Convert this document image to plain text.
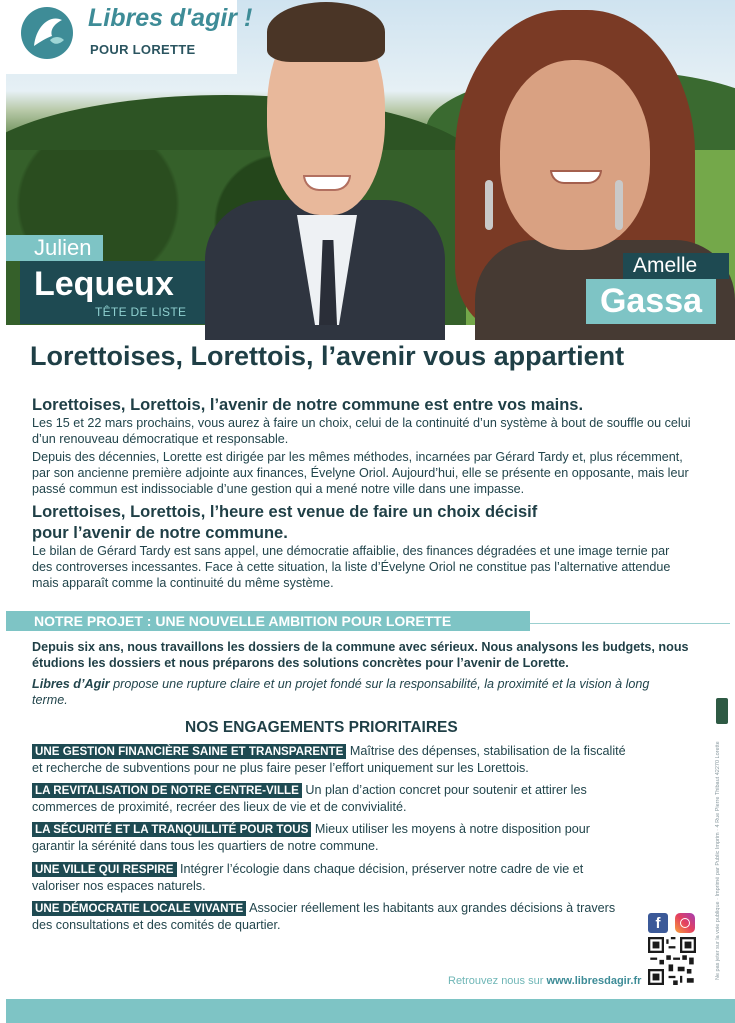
Libres d'agir !
POUR LORETTE
Julien
Lequeux
TÊTE DE LISTE
Amelle
Gassa
Lorettoises, Lorettois, l’avenir vous appartient
Lorettoises, Lorettois, l’avenir de notre commune est entre vos mains.

Les 15 et 22 mars prochains, vous aurez à faire un choix, celui de la continuité d’un système à bout de souffle ou celui d’un renouveau démocratique et responsable.

Depuis des décennies, Lorette est dirigée par les mêmes méthodes, incarnées par Gérard Tardy et, plus récemment, par son ancienne première adjointe aux finances, Évelyne Oriol. Aujourd’hui, elle se présente en opposante, mais leur passé commun est indissociable d’une gestion qui a mené notre ville dans une impasse.

Lorettoises, Lorettois, l’heure est venue de faire un choix décisif pour l’avenir de notre commune.

Le bilan de Gérard Tardy est sans appel, une démocratie affaiblie, des finances dégradées et une image ternie par des controverses incessantes. Face à cette situation, la liste d’Évelyne Oriol ne constitue pas l’alternative attendue mais apparaît comme la continuité du même système.

NOTRE PROJET : UNE NOUVELLE AMBITION POUR LORETTE

Depuis six ans, nous travaillons les dossiers de la commune avec sérieux. Nous analysons les budgets, nous étudions les dossiers et nous préparons des solutions concrètes pour l’avenir de Lorette.

Libres d’Agir propose une rupture claire et un projet fondé sur la responsabilité, la proximité et la vision à long terme.

NOS ENGAGEMENTS PRIORITAIRES

UNE GESTION FINANCIÈRE SAINE ET TRANSPARENTE Maîtrise des dépenses, stabilisation de la fiscalité et recherche de subventions pour ne plus faire peser l’effort uniquement sur les Lorettois.

LA REVITALISATION DE NOTRE CENTRE-VILLE Un plan d’action concret pour soutenir et attirer les commerces de proximité, recréer des lieux de vie et de convivialité.

LA SÉCURITÉ ET LA TRANQUILLITÉ POUR TOUS Mieux utiliser les moyens à notre disposition pour garantir la sérénité dans tous les quartiers de notre commune.

UNE VILLE QUI RESPIRE Intégrer l’écologie dans chaque décision, préserver notre cadre de vie et valoriser nos espaces naturels.

UNE DÉMOCRATIE LOCALE VIVANTE Associer réellement les habitants aux grandes décisions à travers des consultations et des comités de quartier.	f
Retrouvez nous sur www.libresdagir.fr
Ne pas jeter sur la voie publique · Imprimé par Public Imprim · 4 Rue Pierre Thibaut 42270 Lorette
